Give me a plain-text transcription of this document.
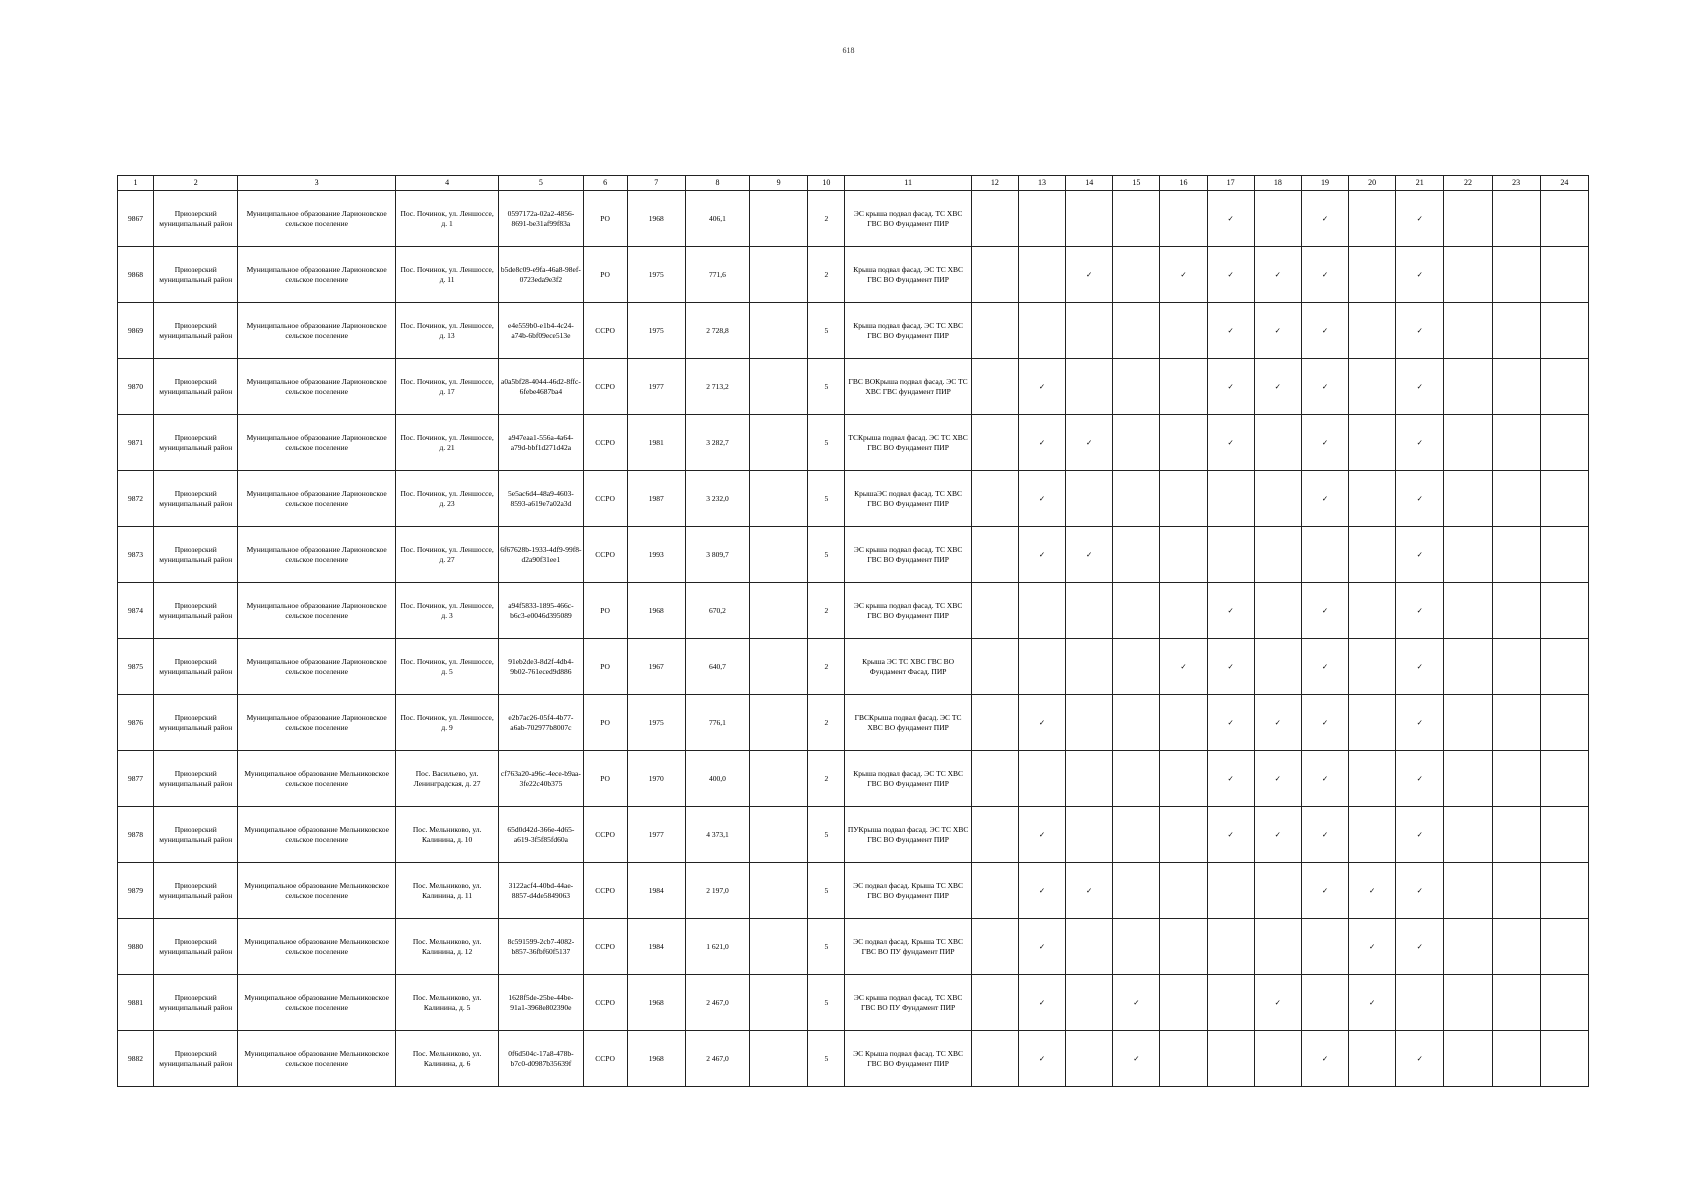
618
1	2	3	4	5	6	7	8	9	10	11	12	13	14	15	16	17	18	19	20	21	22	23	24
9867	Приозерский муниципальный район	Муниципальное образование Ларионовское сельское поселение	Пос. Починок, ул. Леншоссе, д. 1	0597172a-02a2-4856-8691-be31af99f83a	РО	1968	406,1		2	ЭС крыша подвал фасад. ТС ХВС ГВС ВО Фундамент ПИР						✓		✓		✓			
9868	Приозерский муниципальный район	Муниципальное образование Ларионовское сельское поселение	Пос. Починок, ул. Леншоссе, д. 11	b5de8c09-e9fa-46a8-98ef-0723eda9e3f2	РО	1975	771,6		2	Крыша подвал фасад. ЭС ТС ХВС ГВС ВО Фундамент ПИР			✓		✓	✓	✓	✓		✓			
9869	Приозерский муниципальный район	Муниципальное образование Ларионовское сельское поселение	Пос. Починок, ул. Леншоссе, д. 13	e4e559b0-e1b4-4c24-a74b-6bf09ece513e	ССРО	1975	2 728,8		5	Крыша подвал фасад. ЭС ТС ХВС ГВС ВО Фундамент ПИР						✓	✓	✓		✓			
9870	Приозерский муниципальный район	Муниципальное образование Ларионовское сельское поселение	Пос. Починок, ул. Леншоссе, д. 17	a0a5bf28-4044-46d2-8ffc-6febe4687ba4	ССРО	1977	2 713,2		5	ГВС ВОКрыша подвал фасад. ЭС ТС ХВС ГВС фундамент ПИР		✓				✓	✓	✓		✓			
9871	Приозерский муниципальный район	Муниципальное образование Ларионовское сельское поселение	Пос. Починок, ул. Леншоссе, д. 21	a947eaa1-556a-4a64-a79d-bbf1d271d42a	ССРО	1981	3 282,7		5	ТСКрыша подвал фасад. ЭС ТС ХВС ГВС ВО Фундамент ПИР		✓	✓			✓		✓		✓			
9872	Приозерский муниципальный район	Муниципальное образование Ларионовское сельское поселение	Пос. Починок, ул. Леншоссе, д. 23	5e5ac6d4-48a9-4603-8593-a619e7a02a3d	ССРО	1987	3 232,0		5	КрышаЭС подвал фасад. ТС ХВС ГВС ВО Фундамент ПИР		✓						✓		✓			
9873	Приозерский муниципальный район	Муниципальное образование Ларионовское сельское поселение	Пос. Починок, ул. Леншоссе, д. 27	6f67628b-1933-4df9-99f8-d2a90f31ee1	ССРО	1993	3 809,7		5	ЭС крыша подвал фасад. ТС ХВС ГВС ВО Фундамент ПИР		✓	✓							✓			
9874	Приозерский муниципальный район	Муниципальное образование Ларионовское сельское поселение	Пос. Починок, ул. Леншоссе, д. 3	a94f5833-1895-466c-b6c3-e0046d395089	РО	1968	670,2		2	ЭС крыша подвал фасад. ТС ХВС ГВС ВО Фундамент ПИР						✓		✓		✓			
9875	Приозерский муниципальный район	Муниципальное образование Ларионовское сельское поселение	Пос. Починок, ул. Леншоссе, д. 5	91eb2de3-8d2f-4db4-9b02-761eced9d886	РО	1967	640,7		2	Крыша ЭС ТС ХВС ГВС ВО Фундамент Фасад. ПИР					✓	✓		✓		✓			
9876	Приозерский муниципальный район	Муниципальное образование Ларионовское сельское поселение	Пос. Починок, ул. Леншоссе, д. 9	e2b7ac26-05f4-4b77-a6ab-702977b8007c	РО	1975	776,1		2	ГВСКрыша подвал фасад. ЭС ТС ХВС ВО фундамент ПИР		✓				✓	✓	✓		✓			
9877	Приозерский муниципальный район	Муниципальное образование Мельниковское сельское поселение	Пос. Васильево, ул. Ленинградская, д. 27	cf763a20-a96c-4ece-b9aa-3fe22c40b375	РО	1970	400,0		2	Крыша подвал фасад. ЭС ТС ХВС ГВС ВО Фундамент ПИР						✓	✓	✓		✓			
9878	Приозерский муниципальный район	Муниципальное образование Мельниковское сельское поселение	Пос. Мельниково, ул. Калинина, д. 10	65d0d42d-366e-4d65-a619-3f5f85fd60a	ССРО	1977	4 373,1		5	ПУКрыша подвал фасад. ЭС ТС ХВС ГВС ВО Фундамент ПИР		✓				✓	✓	✓		✓			
9879	Приозерский муниципальный район	Муниципальное образование Мельниковское сельское поселение	Пос. Мельниково, ул. Калинина, д. 11	3122acf4-40bd-44ae-8857-d4de5849063	ССРО	1984	2 197,0		5	ЭС подвал фасад. Крыша ТС ХВС ГВС ВО Фундамент ПИР		✓	✓					✓	✓	✓			
9880	Приозерский муниципальный район	Муниципальное образование Мельниковское сельское поселение	Пос. Мельниково, ул. Калинина, д. 12	8c591599-2cb7-4082-b857-36fbf60f5137	ССРО	1984	1 621,0		5	ЭС подвал фасад. Крыша ТС ХВС ГВС ВО ПУ фундамент ПИР		✓							✓	✓			
9881	Приозерский муниципальный район	Муниципальное образование Мельниковское сельское поселение	Пос. Мельниково, ул. Калинина, д. 5	1628f5de-25be-44be-91a1-3968e802390e	ССРО	1968	2 467,0		5	ЭС крыша подвал фасад. ТС ХВС ГВС ВО ПУ Фундамент ПИР		✓		✓			✓		✓				
9882	Приозерский муниципальный район	Муниципальное образование Мельниковское сельское поселение	Пос. Мельниково, ул. Калинина, д. 6	0f6d504c-17a8-478b-b7c0-d0987b35639f	ССРО	1968	2 467,0		5	ЭС Крыша подвал фасад. ТС ХВС ГВС ВО Фундамент ПИР		✓		✓				✓		✓			
